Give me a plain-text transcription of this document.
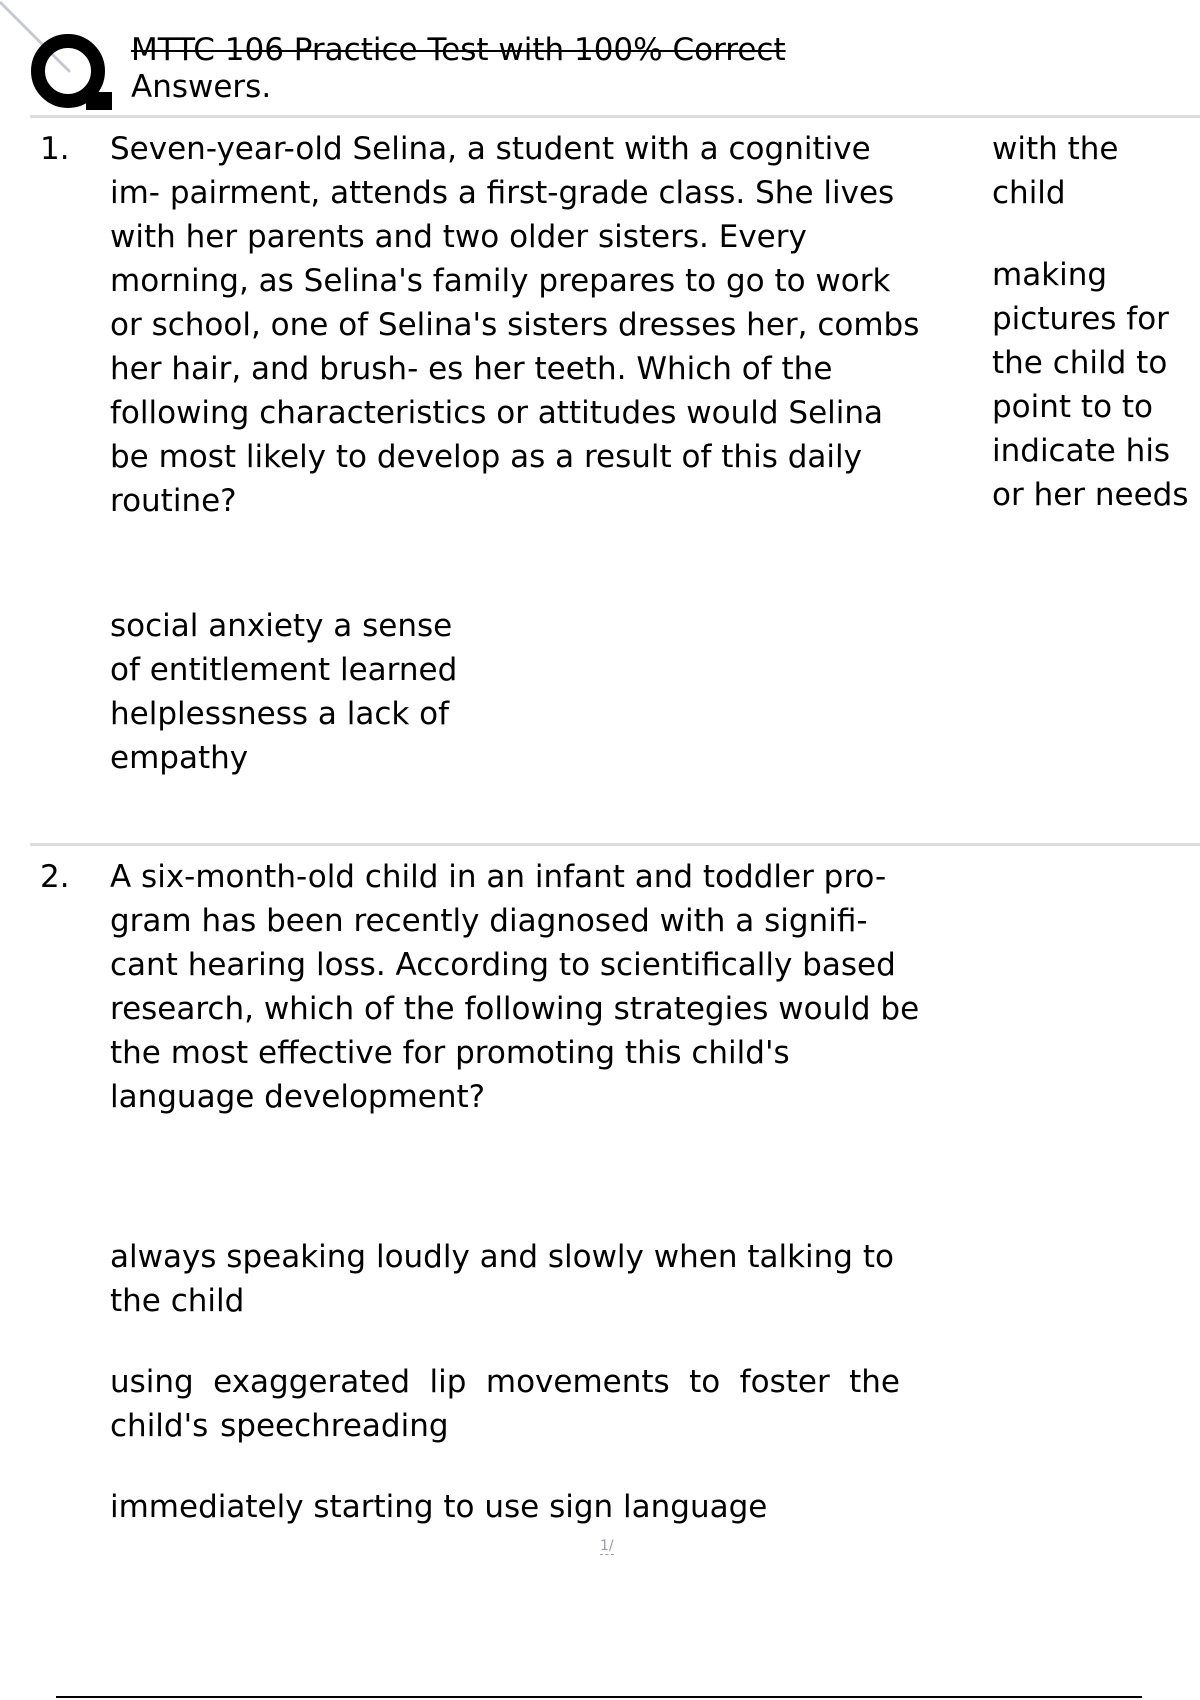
MTTC 106 Practice Test with 100% Correct
Answers.
1. Seven-year-old Selina, a student with a cognitive im- pairment, attends a first-grade class. She lives with her parents and two older sisters. Every morning, as Selina's family prepares to go to work or school, one of Selina's sisters dresses her, combs her hair, and brush- es her teeth. Which of the following characteristics or attitudes would Selina be most likely to develop as a result of this daily routine?

social anxiety a sense of entitlement learned helplessness a lack of empathy

with the child

making pictures for the child to point to to indicate his or her needs

2. A six-month-old child in an infant and toddler pro- gram has been recently diagnosed with a signifi- cant hearing loss. According to scientifically based research, which of the following strategies would be the most effective for promoting this child's language development?

always speaking loudly and slowly when talking to the child

using exaggerated lip movements to foster the child's speechreading

immediately starting to use sign language

1/
